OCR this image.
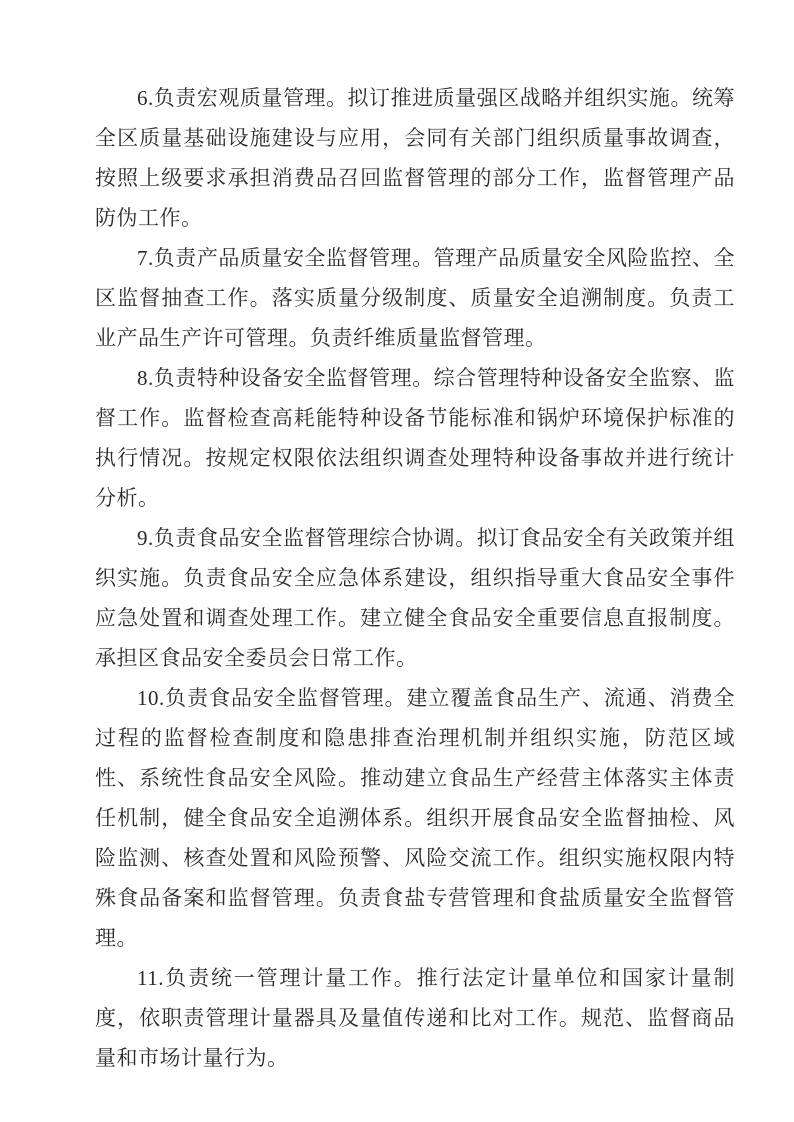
6.负责宏观质量管理。拟订推进质量强区战略并组织实施。统筹全区质量基础设施建设与应用，会同有关部门组织质量事故调查，按照上级要求承担消费品召回监督管理的部分工作，监督管理产品防伪工作。

7.负责产品质量安全监督管理。管理产品质量安全风险监控、全区监督抽查工作。落实质量分级制度、质量安全追溯制度。负责工业产品生产许可管理。负责纤维质量监督管理。

8.负责特种设备安全监督管理。综合管理特种设备安全监察、监督工作。监督检查高耗能特种设备节能标准和锅炉环境保护标准的执行情况。按规定权限依法组织调查处理特种设备事故并进行统计分析。

9.负责食品安全监督管理综合协调。拟订食品安全有关政策并组织实施。负责食品安全应急体系建设，组织指导重大食品安全事件应急处置和调查处理工作。建立健全食品安全重要信息直报制度。承担区食品安全委员会日常工作。

10.负责食品安全监督管理。建立覆盖食品生产、流通、消费全过程的监督检查制度和隐患排查治理机制并组织实施，防范区域性、系统性食品安全风险。推动建立食品生产经营主体落实主体责任机制，健全食品安全追溯体系。组织开展食品安全监督抽检、风险监测、核查处置和风险预警、风险交流工作。组织实施权限内特殊食品备案和监督管理。负责食盐专营管理和食盐质量安全监督管理。

11.负责统一管理计量工作。推行法定计量单位和国家计量制度，依职责管理计量器具及量值传递和比对工作。规范、监督商品量和市场计量行为。
